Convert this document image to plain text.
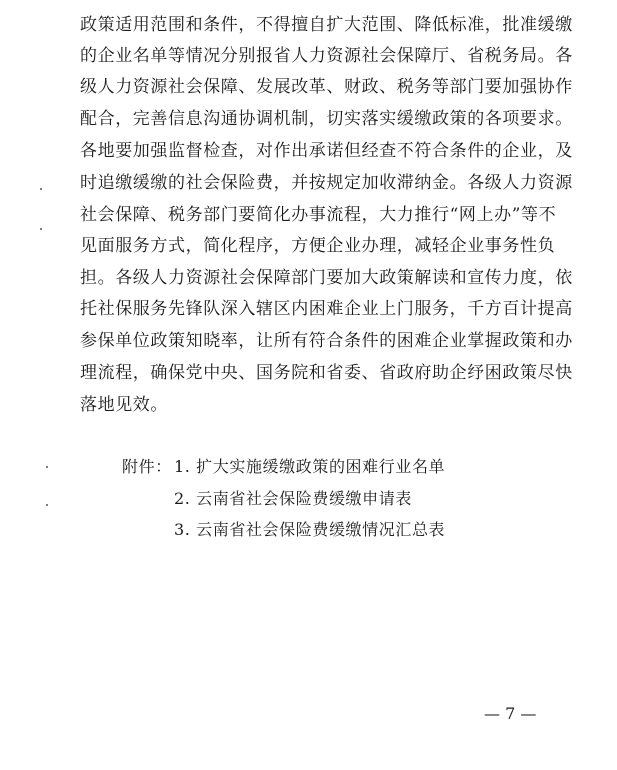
政策适用范围和条件，不得擅自扩大范围、降低标准，批准缓缴
的企业名单等情况分别报省人力资源社会保障厅、省税务局。各
级人力资源社会保障、发展改革、财政、税务等部门要加强协作
配合，完善信息沟通协调机制，切实落实缓缴政策的各项要求。
各地要加强监督检查，对作出承诺但经查不符合条件的企业，及
时追缴缓缴的社会保险费，并按规定加收滞纳金。各级人力资源
社会保障、税务部门要简化办事流程，大力推行“网上办”等不
见面服务方式，简化程序，方便企业办理，减轻企业事务性负
担。各级人力资源社会保障部门要加大政策解读和宣传力度，依
托社保服务先锋队深入辖区内困难企业上门服务，千方百计提高
参保单位政策知晓率，让所有符合条件的困难企业掌握政策和办
理流程，确保党中央、国务院和省委、省政府助企纾困政策尽快
落地见效。
附件： 1. 扩大实施缓缴政策的困难行业名单
2. 云南省社会保险费缓缴申请表
3. 云南省社会保险费缓缴情况汇总表
— 7 —
